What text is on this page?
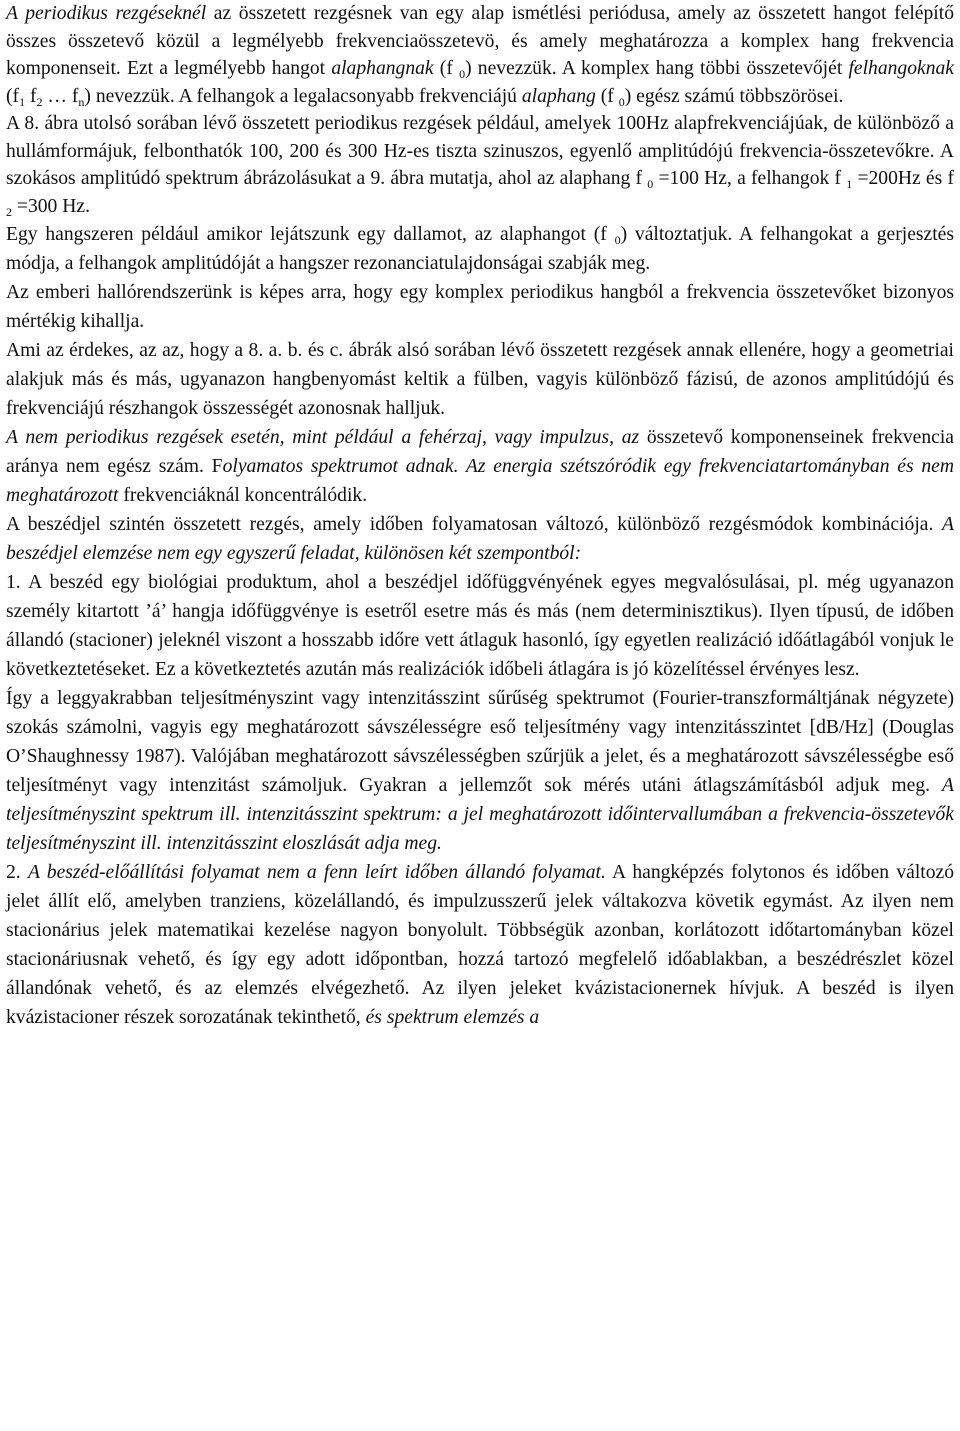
A periodikus rezgéseknél az összetett rezgésnek van egy alap ismétlési periódusa, amely az összetett hangot felépítő összes összetevő közül a legmélyebb frekvenciaösszetevö, és amely meghatározza a komplex hang frekvencia komponenseit. Ezt a legmélyebb hangot alaphangnak (f $_0$) nevezzük. A komplex hang többi összetevőjét felhangoknak ($f_1$ $f_2$ … $f_n$) nevezzük. A felhangok a legalacsonyabb frekvenciájú alaphang (f $_0$) egész számú többszörösei.

A 8. ábra utolsó sorában lévő összetett periodikus rezgések például, amelyek 100Hz alapfrekvenciájúak, de különböző a hullámformájuk, felbonthatók 100, 200 és 300 Hz-es tiszta szinuszos, egyenlő amplitúdójú frekvencia-összetevőkre. A szokásos amplitúdó spektrum ábrázolásukat a 9. ábra mutatja, ahol az alaphang f $_0$ =100 Hz, a felhangok f $_1$ =200Hz és f $_2$ =300 Hz.

Egy hangszeren például amikor lejátszunk egy dallamot, az alaphangot (f $_0$) változtatjuk. A felhangokat a gerjesztés módja, a felhangok amplitúdóját a hangszer rezonanciatulajdonságai szabják meg.

Az emberi hallórendszerünk is képes arra, hogy egy komplex periodikus hangból a frekvencia összetevőket bizonyos mértékig kihallja.

Ami az érdekes, az az, hogy a 8. a. b. és c. ábrák alsó sorában lévő összetett rezgések annak ellenére, hogy a geometriai alakjuk más és más, ugyanazon hangbenyomást keltik a fülben, vagyis különböző fázisú, de azonos amplitúdójú és frekvenciájú részhangok összességét azonosnak halljuk.

A nem periodikus rezgések esetén, mint például a fehérzaj, vagy impulzus, az összetevő komponenseinek frekvencia aránya nem egész szám. Folyamatos spektrumot adnak. Az energia szétszóródik egy frekvenciatartományban és nem meghatározott frekvenciáknál koncentrálódik.

A beszédjel szintén összetett rezgés, amely időben folyamatosan változó, különböző rezgésmódok kombinációja. A beszédjel elemzése nem egy egyszerű feladat, különösen két szempontból:

1. A beszéd egy biológiai produktum, ahol a beszédjel időfüggvényének egyes megvalósulásai, pl. még ugyanazon személy kitartott ’á’ hangja időfüggvénye is esetről esetre más és más (nem determinisztikus). Ilyen típusú, de időben állandó (stacioner) jeleknél viszont a hosszabb időre vett átlaguk hasonló, így egyetlen realizáció időátlagából vonjuk le következtetéseket. Ez a következtetés azután más realizációk időbeli átlagára is jó közelítéssel érvényes lesz.

Így a leggyakrabban teljesítményszint vagy intenzitásszint sűrűség spektrumot (Fourier-transzformáltjának négyzete) szokás számolni, vagyis egy meghatározott sávszélességre eső teljesítmény vagy intenzitásszintet [dB/Hz] (Douglas O’Shaughnessy 1987). Valójában meghatározott sávszélességben szűrjük a jelet, és a meghatározott sávszélességbe eső teljesítményt vagy intenzitást számoljuk. Gyakran a jellemzőt sok mérés utáni átlagszámításból adjuk meg. A teljesítményszint spektrum ill. intenzitásszint spektrum: a jel meghatározott időintervallumában a frekvencia-összetevők teljesítményszint ill. intenzitásszint eloszlását adja meg.

2. A beszéd-előállítási folyamat nem a fenn leírt időben állandó folyamat. A hangképzés folytonos és időben változó jelet állít elő, amelyben tranziens, közelállandó, és impulzusszerű jelek váltakozva követik egymást. Az ilyen nem stacionárius jelek matematikai kezelése nagyon bonyolult. Többségük azonban, korlátozott időtartományban közel stacionáriusnak vehető, és így egy adott időpontban, hozzá tartozó megfelelő időablakban, a beszédrészlet közel állandónak vehető, és az elemzés elvégezhető. Az ilyen jeleket kvázistacionernek hívjuk. A beszéd is ilyen kvázistacioner részek sorozatának tekinthető, és spektrum elemzés a
